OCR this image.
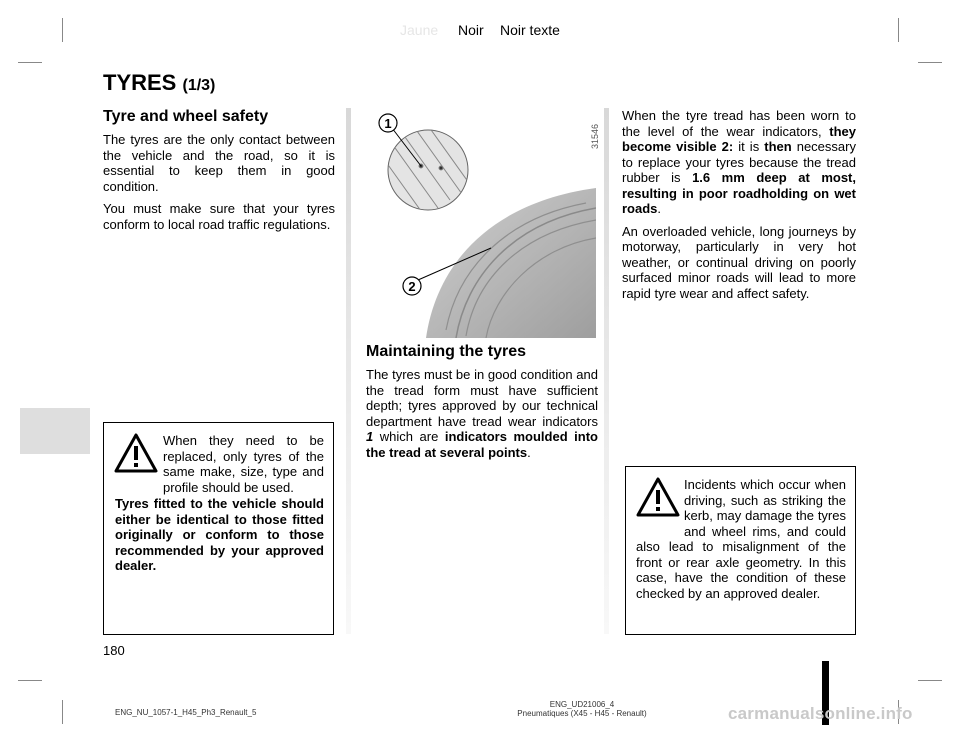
Jaune Noir Noir texte
TYRES (1/3)
Tyre and wheel safety

The tyres are the only contact between the vehicle and the road, so it is essential to keep them in good condition.

You must make sure that your tyres conform to local road traffic regulations.

When they need to be replaced, only tyres of the same make, size, type and profile should be used.
Tyres fitted to the vehicle should either be identical to those fitted originally or conform to those recommended by your approved dealer.
1
2
31546
Maintaining the tyres
The tyres must be in good condition and the tread form must have sufficient depth; tyres approved by our technical department have tread wear indicators 1 which are indicators moulded into the tread at several points.

When the tyre tread has been worn to the level of the wear indicators, they become visible 2: it is then necessary to replace your tyres because the tread rubber is 1.6 mm deep at most, resulting in poor roadholding on wet roads.

An overloaded vehicle, long journeys by motorway, particularly in very hot weather, or continual driving on poorly surfaced minor roads will lead to more rapid tyre wear and affect safety.

Incidents which occur when driving, such as striking the kerb, may damage the tyres and wheel rims, and could also lead to misalignment of the front or rear axle geometry. In this case, have the condition of these checked by an approved dealer.
180
ENG_NU_1057-1_H45_Ph3_Renault_5
ENG_UD21006_4
Pneumatiques (X45 - H45 - Renault)	carmanualsonline.info
